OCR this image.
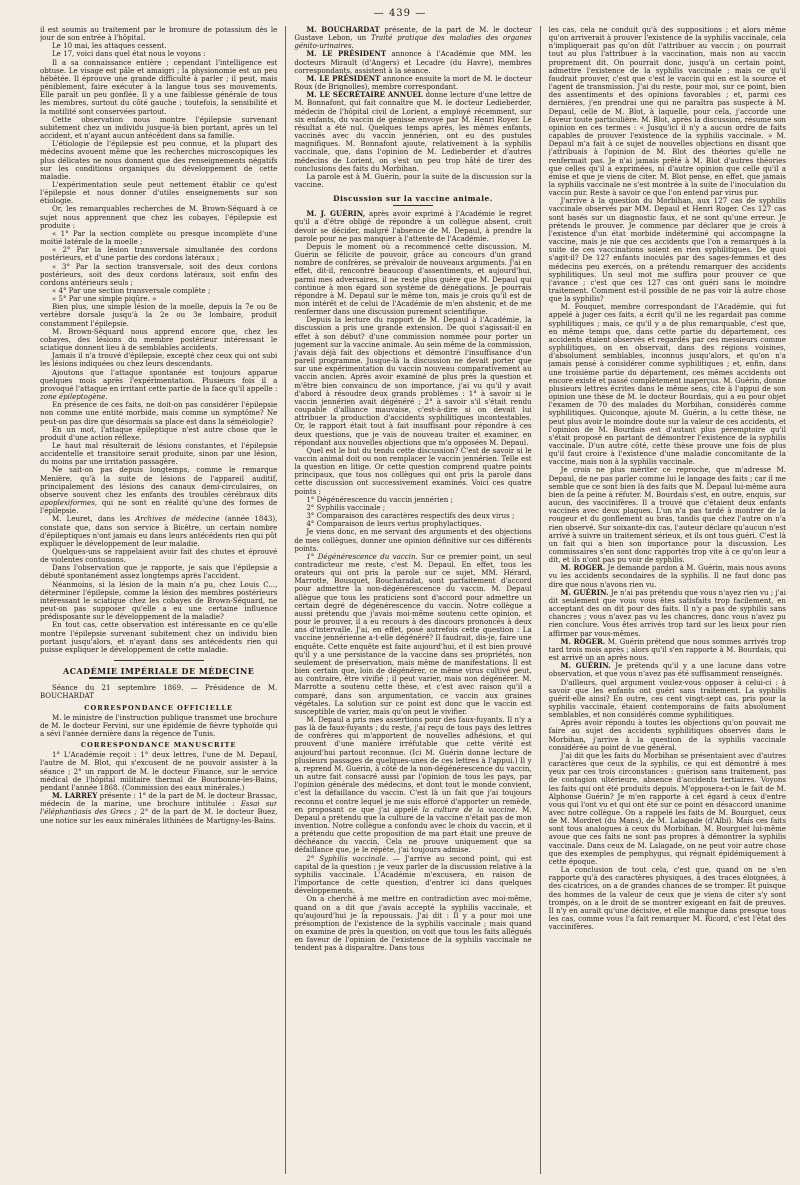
— 439 —

il est soumis au traitement par le bromure de potassium dès le jour de son entrée à l'hôpital.

Le 10 mai, les attaques cessent.

Le 17, voici dans quel état nous le voyons :

Il a sa connaissance entière ; cependant l'intelligence est obtuse. Le visage est pâle et amaigri ; la physionomie est un peu hébétée. Il éprouve une grande difficulté à parler ; il peut, mais péniblement, faire exécuter à la langue tous ses mouvements. Elle paraît un peu gonflée. Il y a une faiblesse générale de tous les membres, surtout du côté gauche ; toutefois, la sensibilité et la motilité sont conservées partout.

Cette observation nous montre l'épilepsie survenant subitement chez un individu jusque-là bien portant, après un tel accident, et n'ayant aucun antécédent dans sa famille.

L'étiologie de l'épilepsie est peu connue, et la plupart des médecins avouent même que les recherches microscopiques les plus délicates ne nous donnent que des renseignements négatifs sur les conditions organiques du développement de cette maladie.

L'expérimentation seule peut nettement établir ce qu'est l'épilepsie et nous donner d'utiles enseignements sur son étiologie.

Or, les remarquables recherches de M. Brown-Séquard à ce sujet nous apprennent que chez les cobayes, l'épilepsie est produite :

« 1° Par la section complète ou presque incomplète d'une moitié latérale de la moelle ;

« 2° Par la lésion transversale simultanée des cordons postérieurs, et d'une partie des cordons latéraux ;

« 3° Par la section transversale, soit des deux cordons postérieurs, soit des deux cordons latéraux, soit enfin des cordons antérieurs seuls ;

« 4° Par une section transversale complète ;

« 5° Par une simple piqûre. »

Bien plus, une simple lésion de la moelle, depuis la 7e ou 8e vertèbre dorsale jusqu'à la 2e ou 3e lombaire, produit constamment l'épilepsie.

M. Brown-Séquard nous apprend encore que, chez les cobayes, des lésions du membre postérieur intéressant le sciatique donnent lieu à de semblables accidents.

Jamais il n'a trouvé d'épilepsie, excepté chez ceux qui ont subi les lésions indiquées ou chez leurs descendants.

Ajoutons que l'attaque spontanée est toujours apparue quelques mois après l'expérimentation. Plusieurs fois il a provoqué l'attaque en irritant cette partie de la face qu'il appelle : zone épileptogène.

En présence de ces faits, ne doit-on pas considérer l'épilepsie non comme une entité morbide, mais comme un symptôme? Ne peut-on pas dire que désormais sa place est dans la séméiologie?

En un mot, l'attaque épileptique n'est autre chose que le produit d'une action réflexe.

Le haut mal résulterait de lésions constantes, et l'épilepsie accidentelle et transitoire serait produite, sinon par une lésion, du moins par une irritation passagère.

Ne sait-on pas depuis longtemps, comme le remarque Menière, qu'à la suite de lésions de l'appareil auditif, principalement des lésions des canaux demi-circulaires, on observe souvent chez les enfants des troubles cérébraux dits apoplexiformes, qui ne sont en réalité qu'une des formes de l'épilepsie.

M. Leuret, dans les Archives de médecine (année 1843), constate que, dans son service à Bicêtre, un certain nombre d'épileptiques n'ont jamais eu dans leurs antécédents rien qui pût expliquer le développement de leur maladie.

Quelques-uns se rappelaient avoir fait des chutes et éprouvé de violentes contusions.

Dans l'observation que je rapporte, je sais que l'épilepsie a débuté spontanément assez longtemps après l'accident.

Néanmoins, si la lésion de la main n'a pu, chez Louis C..., déterminer l'épilepsie, comme la lésion des membres postérieurs intéressant le sciatique chez les cobayes de Brown-Séquard, ne peut-on pas supposer qu'elle a eu une certaine influence prédisposante sur le développement de la maladie?

En tout cas, cette observation est intéressante en ce qu'elle montre l'épilepsie survenant subitement chez un individu bien portant jusqu'alors, et n'ayant dans ses antécédents rien qui puisse expliquer le développement de cette maladie.

ACADÉMIE IMPÉRIALE DE MÉDECINE

Séance du 21 septembre 1869. — Présidence de M. BOUCHARDAT

CORRESPONDANCE OFFICIELLE

M. le ministre de l'instruction publique transmet une brochure de M. le docteur Fervini, sur une épidémie de fièvre typhoïde qui a sévi l'année dernière dans la régence de Tunis.

CORRESPONDANCE MANUSCRITE

1° L'Académie reçoit : 1° deux lettres, l'une de M. Depaul, l'autre de M. Blot, qui s'excusent de ne pouvoir assister à la séance ; 2° un rapport de M. le docteur Finance, sur le service médical de l'hôpital militaire thermal de Bourbonne-les-Bains, pendant l'année 1868. (Commission des eaux minérales.)

M. LARREY présente : 1° de la part de M. le docteur Brassac, médecin de la marine, une brochure intitulée : Essai sur l'éléphantiasis des Grecs ; 2° de la part de M. le docteur Buez, une notice sur les eaux minérales lithinées de Martigny-les-Bains.

M. BOUCHARDAT présente, de la part de M. le docteur Gustave Lebon, un Traité pratique des maladies des organes génito-urinaires.

M. LE PRÉSIDENT annonce à l'Académie que MM. les docteurs Mirault (d'Angers) et Lecadre (du Havre), membres correspondants, assistent à la séance.

M. LE PRÉSIDENT annonce ensuite la mort de M. le docteur Roux (de Brignolles), membre correspondant.

M. LE SECRÉTAIRE ANNUEL donne lecture d'une lettre de M. Bonnafont, qui fait connaître que M. le docteur Ledieberder, médecin de l'hôpital civil de Lorient, a employé récemment, sur six enfants, du vaccin de génisse envoyé par M. Henri Royer. Le résultat a été nul. Quelques temps après, les mêmes enfants, vaccinés avec du vaccin jennérien, ont eu des pustules magnifiques. M. Bonnafont ajoute, relativement à la syphilis vaccinale, que, dans l'opinion de M. Ledieberder et d'autres médecins de Lorient, on s'est un peu trop hâté de tirer des conclusions des faits du Morbihan.

La parole est à M. Guérin, pour la suite de la discussion sur la vaccine.

Discussion sur la vaccine animale.

M. J. GUÉRIN, après avoir exprimé à l'Académie le regret qu'il a d'être obligé de répondre à un collègue absent, croit devoir se décider, malgré l'absence de M. Depaul, à prendre la parole pour ne pas manquer à l'attente de l'Académie.

Depuis le moment où a recommencé cette discussion, M. Guérin se félicite de pouvoir, grâce au concours d'un grand nombre de confrères, se prévaloir de nouveaux arguments. J'ai en effet, dit-il, rencontré beaucoup d'assentiments, et aujourd'hui, parmi mes adversaires, il ne reste plus guère que M. Depaul qui continue à mon égard son système de dénégations. Je pourrais répondre à M. Depaul sur le même ton, mais je crois qu'il est de mon intérêt et de celui de l'Académie de m'en abstenir, et de me renfermer dans une discussion purement scientifique.

Depuis la lecture du rapport de M. Depaul à l'Académie, la discussion a pris une grande extension. De quoi s'agissait-il en effet à son début? d'une commission nommée pour porter un jugement sur la vaccine animale. Au sein même de la commission, j'avais déjà fait des objections et démontré l'insuffisance d'un pareil programme. Jusque-là la discussion ne devait porter que sur une expérimentation du vaccin nouveau comparativement au vaccin ancien. Après avoir examiné de plus près la question et m'être bien convaincu de son importance, j'ai vu qu'il y avait d'abord à résoudre deux grands problèmes : 1° à savoir si le vaccin jennérien avait dégénéré ; 2° à savoir s'il s'était rendu coupable d'alliance mauvaise, c'est-à-dire si on devait lui attribuer la production d'accidents syphilitiques incontestables. Or, le rapport était tout à fait insuffisant pour répondre à ces deux questions, que je vais de nouveau traiter et examiner, en répondant aux nouvelles objections que m'a opposées M. Depaul.

Quel est le but du tendu cette discussion? C'est de savoir si le vaccin animal doit ou non remplacer le vaccin jennérien. Telle est la question en litige. Or cette question comprend quatre points principaux, que tous nos collègues qui ont pris la parole dans cette discussion ont successivement examinés. Voici ces quatre points :

1° Dégénérescence du vaccin jennérien ;

2° Syphilis vaccinale ;

3° Comparaison des caractères respectifs des deux virus ;

4° Comparaison de leurs vertus prophylactiques.

Je viens donc, en me servant des arguments et des objections de mes collègues, donner une opinion définitive sur ces différents points.

1° Dégénérescence du vaccin. Sur ce premier point, un seul contradicteur me reste, c'est M. Depaul. En effet, tous les orateurs qui ont pris la parole sur ce sujet, MM. Hérard, Marrotte, Bousquet, Boucharadat, sont parfaitement d'accord pour admettre la non-dégénérescence du vaccin. M. Depaul allègue que tous les praticiens sont d'accord pour admettre un certain degré de dégénérescence du vaccin. Notre collègue a aussi prétendu que j'avais moi-même soutenu cette opinion, et pour le prouver, il a eu recours à des discours prononcés à deux ans d'intervalle. J'ai, en effet, posé autrefois cette question : La vaccine jennérienne a-t-elle dégénéré? Il faudrait, dis-je, faire une enquête. Cette enquête est faite aujourd'hui, et il est bien prouvé qu'il y a une persistance de la vaccine dans ses propriétés, non seulement de préservation, mais même de manifestations. Il est bien certain que, loin de dégénérer, ce même virus cultivé peut, au contraire, être vivifié ; il peut varier, mais non dégénérer. M. Marrotte a soutenu cette thèse, et c'est avec raison qu'il a comparé, dans son argumentation, ce vaccin aux graines végétales. La solution sur ce point est donc que le vaccin est susceptible de varier, mais qu'on peut le vivifier.

M. Depaul a pris mes assertions pour des faux-fuyants. Il n'y a pas là de faux-fuyants ; du reste, j'ai reçu de tous pays des lettres de confrères qui m'apportent de nouvelles adhésions, et qui prouvent d'une manière irréfutable que cette vérité est aujourd'hui partout reconnue. (Ici M. Guérin donne lecture de plusieurs passages de quelques-unes de ces lettres à l'appui.) Il y a, reprend M. Guérin, à côté de la non-dégénérescence du vaccin, un autre fait consacré aussi par l'opinion de tous les pays, par l'opinion générale des médecins, et dont tout le monde convient, c'est la défaillance du vaccin. C'est là un fait que j'ai toujours reconnu et contre lequel je me suis efforcé d'apporter un remède, en proposant ce que j'ai appelé la culture de la vaccine. M. Depaul a prétendu que la culture de la vaccine n'était pas de mon invention. Notre collègue a confondu avec le choix du vaccin, et il a prétendu que cette proposition de ma part était une preuve de déchéance du vaccin. Cela ne prouve uniquement que sa défaillance que, je le répète, j'ai toujours admise.

2° Syphilis vaccinale. — J'arrive au second point, qui est capital de la question ; je veux parler de la discussion relative à la syphilis vaccinale. L'Académie m'excusera, en raison de l'importance de cette question, d'entrer ici dans quelques développements.

On a cherché à me mettre en contradiction avec moi-même, quand on a dit que j'avais accepté la syphilis vaccinale, et qu'aujourd'hui je la repoussais. J'ai dit : Il y a pour moi une présomption de l'existence de la syphilis vaccinale ; mais quand on examine de près la question, on voit que tous les faits allégués en faveur de l'opinion de l'existence de la syphilis vaccinale ne tendent pas à disparaître. Dans tous

les cas, cela ne conduit qu'à des suppositions ; et alors même qu'on arriverait à prouver l'existence de la syphilis vaccinale, cela n'impliquerait pas qu'on dût l'attribuer au vaccin ; on pourrait tout au plus l'attribuer à la vaccination, mais non au vaccin proprement dit. On pourrait donc, jusqu'à un certain point, admettre l'existence de la syphilis vaccinale ; mais ce qu'il faudrait prouver, c'est que c'est le vaccin qui en est la source et l'agent de transmission. J'ai du reste, pour moi, sur ce point, bien des assentiments et des opinions favorables ; et, parmi ces dernières, j'en prendrai une qui ne paraîtra pas suspecte à M. Depaul, celle de M. Blot, à laquelle, pour cela, j'accorde une faveur toute particulière. M. Blot, après la discussion, résume son opinion en ces termes : « Jusqu'ici il n'y a aucun ordre de faits capables de prouver l'existence de la syphilis vaccinale. » M. Depaul m'a fait à ce sujet de nouvelles objections en disant que j'attribuais à l'opinion de M. Blot des théories qu'elle ne renfermait pas. Je n'ai jamais prêté à M. Blot d'autres théories que celles qu'il a exprimées, ni d'autre opinion que celle qu'il a émise et que je viens de citer. M. Blot pense, en effet, que jamais la syphilis vaccinale ne s'est montrée à la suite de l'inoculation du vaccin pur. Reste à savoir ce que l'on entend par virus pur.

J'arrive à la question du Morbihan, aux 127 cas de syphilis vaccinale observés par MM. Depaul et Henri Roger. Ces 127 cas sont basés sur un diagnostic faux, et ne sont qu'une erreur. Je prétends le prouver. Je commence par déclarer que je crois à l'existence d'un état morbide indéterminé qui accompagne la vaccine, mais je nie que ces accidents que l'on a remarqués à la suite de ces vaccinations soient en rien syphilitiques. De quoi s'agit-il? De 127 enfants inoculés par des sages-femmes et des médecins peu exercés, on a prétendu remarquer des accidents syphilitiques. Un seul mot me suffira pour prouver ce que j'avance ; c'est que ces 127 cas ont guéri sans le moindre traitement. Comment est-il possible de ne pas voir là autre chose que la syphilis?

M. Fouquet, membre correspondant de l'Académie, qui fut appelé à juger ces faits, a écrit qu'il ne les regardait pas comme syphilitiques ; mais, ce qu'il y a de plus remarquable, c'est que, en même temps que, dans cette partie du département, ces accidents étaient observés et regardés par ces messieurs comme syphilitiques, on en observait, dans des régions voisines, d'absolument semblables, inconnus jusqu'alors, et qu'on n'a jamais pensé à considérer comme syphilitiques ; et, enfin, dans une troisième partie du département, ces mêmes accidents ont encore existé et passé complètement inaperçus. M. Guérin, donne plusieurs lettres écrites dans le même sens, cite à l'appui de son opinion une thèse de M. le docteur Bourdais, qui a eu pour objet l'examen de 70 des malades du Morbihan, considérés comme syphilitiques. Quiconque, ajoute M. Guérin, a lu cette thèse, ne peut plus avoir le moindre doute sur la valeur de ces accidents, et l'opinion de M. Bourdais est d'autant plus péremptoire qu'il s'était proposé en partant de démontrer l'existence de la syphilis vaccinale. D'un autre côté, cette thèse prouve une fois de plus qu'il faut croire à l'existence d'une maladie concomitante de la vaccine, mais non à la syphilis vaccinale.

Je crois ne plus mériter ce reproche, que m'adresse M. Depaul, de ne pas parler comme lui le langage des faits ; car il me semble que ce sont bien là des faits que M. Depaul lui-même aura bien de la peine à réfuter. M. Bourdais s'est, en outre, enquis, sur aucun, des vaccinifères. Il a trouvé que c'étaient deux enfants vaccinés avec deux plaques. L'un n'a pas tardé à montrer de la rougeur et du gonflement au bras, tandis que chez l'autre on n'a rien observé. Sur soixante-dix cas, l'auteur déclare qu'aucun n'est arrivé à suivre un traitement sérieux, et ils ont tous guéri. C'est là un fait qui a bien son importance pour la discussion. Les commissaires s'en sont donc rapportés trop vite à ce qu'on leur a dit, et ils n'ont pas pu voir de syphilis.

M. ROGER. Je demande pardon à M. Guérin, mais nous avons vu les accidents secondaires de la syphilis. Il ne faut donc pas dire que nous n'avons rien vu.

M. GUÉRIN. Je n'ai pas prétendu que vous n'ayez rien vu ; j'ai dit seulement que vous vous êtes satisfaits trop facilement, en acceptant des on dit pour des faits. Il n'y a pas de syphilis sans chancres ; vous n'avez pas vu les chancres, donc vous n'avez pu rien conclure. Vous êtes arrivés trop tard sur les lieux pour rien affirmer par vous-mêmes.

M. ROGER. M. Guérin prétend que nous sommes arrivés trop tard trois mois après ; alors qu'il s'en rapporte à M. Bourdais, qui est arrivé un an après nous.

M. GUÉRIN. Je prétends qu'il y a une lacune dans votre observation, et que vous n'avez pas été suffisamment renseignés.

D'ailleurs, quel argument voulez-vous opposer à celui-ci : à savoir que les enfants ont guéri sans traitement. La syphilis guérit-elle ainsi? En outre, ces cent vingt-sept cas, pris pour la syphilis vaccinale, étaient contemporains de faits absolument semblables, et non considérés comme syphilitiques.

Après avoir répondu à toutes les objections qu'on pouvait me faire au sujet des accidents syphilitiques observés dans le Morbihan, j'arrive à la question de la syphilis vaccinale considérée au point de vue général.

J'ai dit que les faits du Morbihan se présentaient avec d'autres caractères que ceux de la syphilis, ce qui est démontré à mes yeux par ces trois circonstances : guérison sans traitement, pas de contagion ultérieure, absence d'accidents tertiaires. Voyons les faits qui ont été produits depuis. M'opposera-t-on le fait de M. Alphonse Guérin? Je m'en rapporte à cet égard à ceux d'entre vous qui l'ont vu et qui ont été sur ce point en désaccord unanime avec notre collègue. On a rappelé les faits de M. Bourguet, ceux de M. Mordret (du Mans), de M. Lalagade (d'Albi). Mais ces faits sont tous analogues à ceux du Morbihan. M. Bourguet lui-même avoue que ces faits ne sont pas propres à démontrer la syphilis vaccinale. Dans ceux de M. Lalagade, on ne peut voir autre chose que des exemples de pemphygus, qui régnait épidémiquement à cette époque.

La conclusion de tout cela, c'est que, quand on ne s'en rapporte qu'à des caractères physiques, à des traces éloignées, à des cicatrices, on a de grandes chances de se tromper. Et puisque des hommes de la valeur de ceux que je viens de citer s'y sont trompés, on a le droit de se montrer exigeant en fait de preuves. Il n'y en aurait qu'une décisive, et elle manque dans presque tous les cas, comme vous l'a fait remarquer M. Ricord, c'est l'état des vaccinifères.
